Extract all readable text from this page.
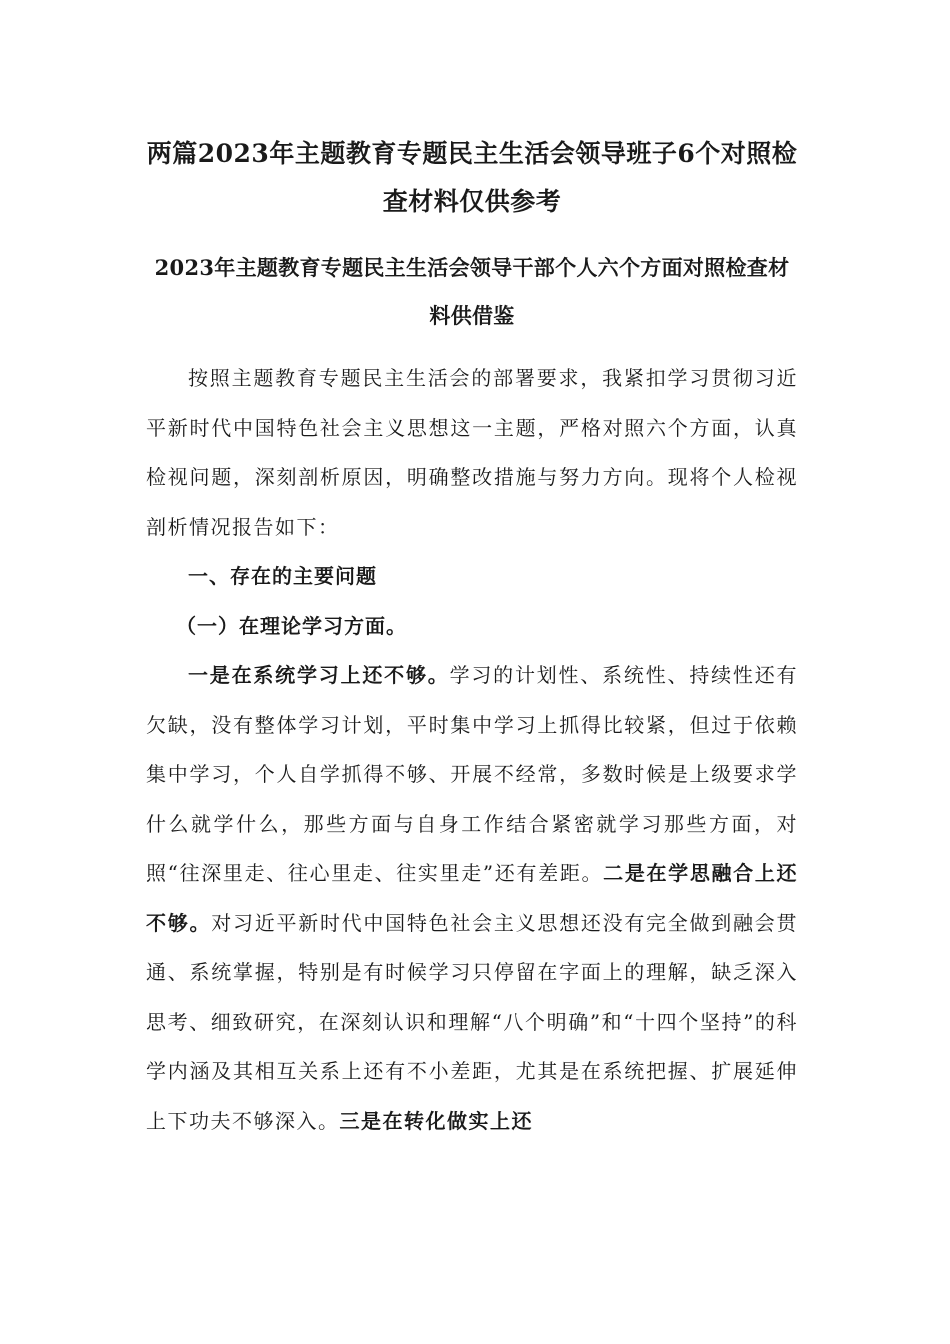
两篇2023年主题教育专题民主生活会领导班子6个对照检查材料仅供参考
2023年主题教育专题民主生活会领导干部个人六个方面对照检查材料供借鉴

按照主题教育专题民主生活会的部署要求，我紧扣学习贯彻习近平新时代中国特色社会主义思想这一主题，严格对照六个方面，认真检视问题，深刻剖析原因，明确整改措施与努力方向。现将个人检视剖析情况报告如下：

一、存在的主要问题

（一）在理论学习方面。

一是在系统学习上还不够。学习的计划性、系统性、持续性还有欠缺，没有整体学习计划，平时集中学习上抓得比较紧，但过于依赖集中学习，个人自学抓得不够、开展不经常，多数时候是上级要求学什么就学什么，那些方面与自身工作结合紧密就学习那些方面，对照“往深里走、往心里走、往实里走”还有差距。二是在学思融合上还不够。对习近平新时代中国特色社会主义思想还没有完全做到融会贯通、系统掌握，特别是有时候学习只停留在字面上的理解，缺乏深入思考、细致研究，在深刻认识和理解“八个明确”和“十四个坚持”的科学内涵及其相互关系上还有不小差距，尤其是在系统把握、扩展延伸上下功夫不够深入。三是在转化做实上还
